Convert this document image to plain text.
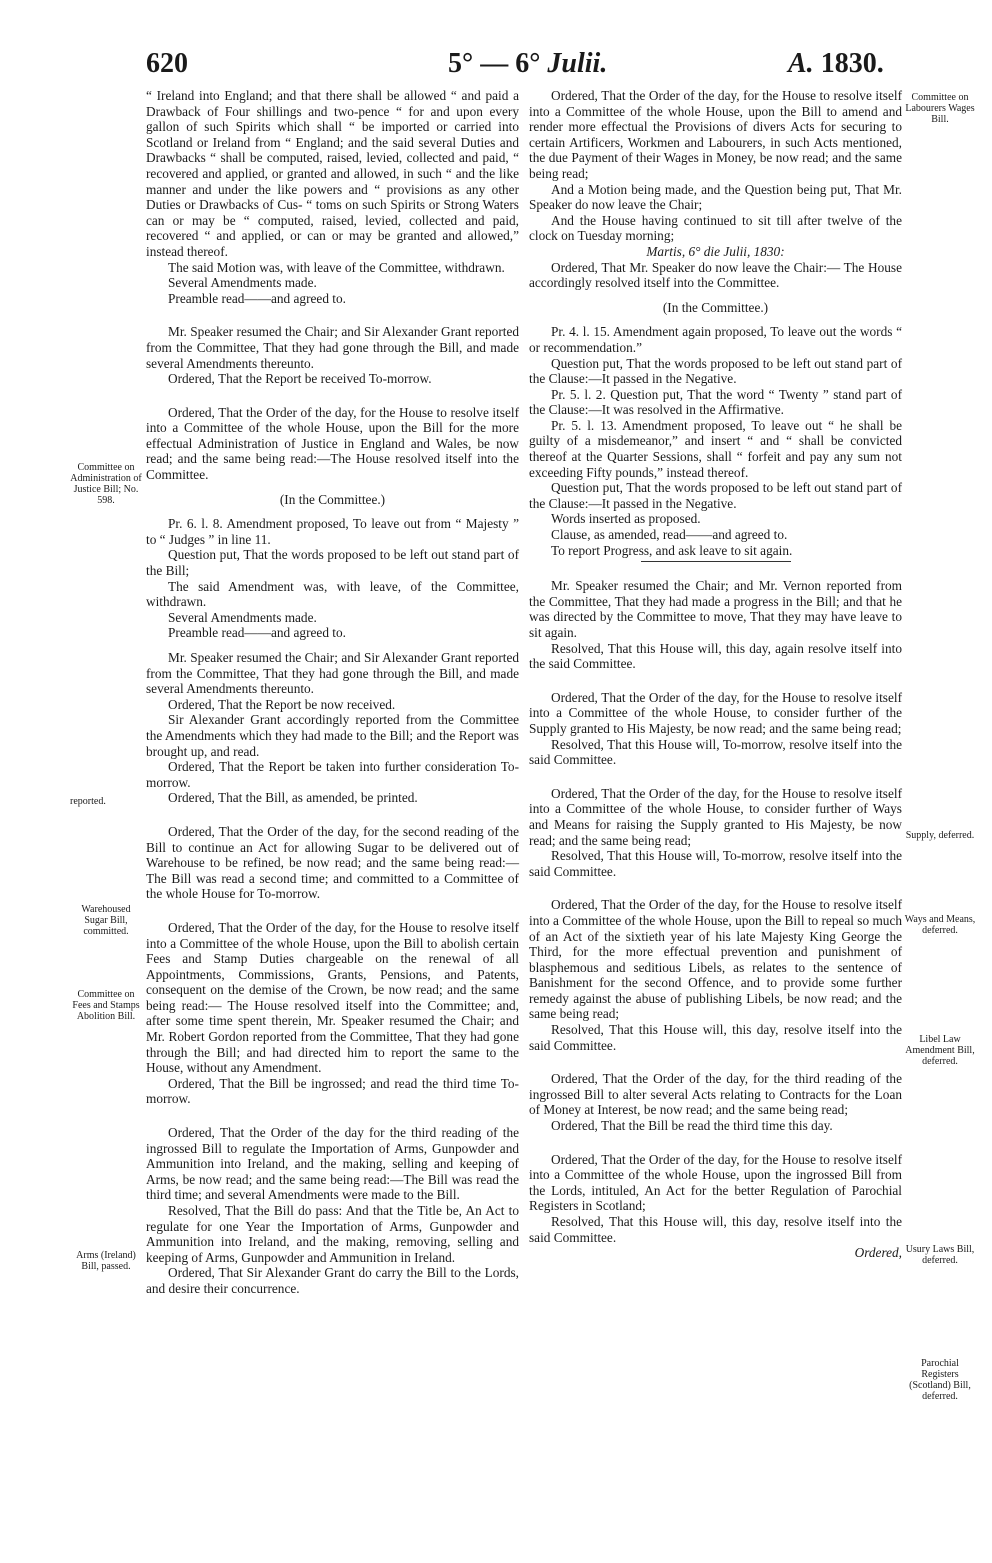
620	5° — 6° Julii.	A. 1830.
Committee on Administration of Justice Bill; No. 598.
reported.
Warehoused Sugar Bill, committed.
Committee on Fees and Stamps Abolition Bill.
Arms (Ireland) Bill, passed.
Committee on Labourers Wages Bill.
Supply, deferred.
Ways and Means, deferred.
Libel Law Amendment Bill, deferred.
Usury Laws Bill, deferred.
Parochial Registers (Scotland) Bill, deferred.

“ Ireland into England; and that there shall be allowed “ and paid a Drawback of Four shillings and two-pence “ for and upon every gallon of such Spirits which shall “ be imported or carried into Scotland or Ireland from “ England; and the said several Duties and Drawbacks “ shall be computed, raised, levied, collected and paid, “ recovered and applied, or granted and allowed, in such “ and the like manner and under the like powers and “ provisions as any other Duties or Drawbacks of Cus- “ toms on such Spirits or Strong Waters can or may be “ computed, raised, levied, collected and paid, recovered “ and applied, or can or may be granted and allowed,” instead thereof.

The said Motion was, with leave of the Committee, withdrawn.

Several Amendments made.

Preamble read——and agreed to.

Mr. Speaker resumed the Chair; and Sir Alexander Grant reported from the Committee, That they had gone through the Bill, and made several Amendments thereunto.

Ordered, That the Report be received To-morrow.

Ordered, That the Order of the day, for the House to resolve itself into a Committee of the whole House, upon the Bill for the more effectual Administration of Justice in England and Wales, be now read; and the same being read:—The House resolved itself into the Committee.

(In the Committee.)

Pr. 6. l. 8. Amendment proposed, To leave out from “ Majesty ” to “ Judges ” in line 11.

Question put, That the words proposed to be left out stand part of the Bill;

The said Amendment was, with leave, of the Committee, withdrawn.

Several Amendments made.

Preamble read——and agreed to.

Mr. Speaker resumed the Chair; and Sir Alexander Grant reported from the Committee, That they had gone through the Bill, and made several Amendments thereunto.

Ordered, That the Report be now received.

Sir Alexander Grant accordingly reported from the Committee the Amendments which they had made to the Bill; and the Report was brought up, and read.

Ordered, That the Report be taken into further consideration To-morrow.

Ordered, That the Bill, as amended, be printed.

Ordered, That the Order of the day, for the second reading of the Bill to continue an Act for allowing Sugar to be delivered out of Warehouse to be refined, be now read; and the same being read:—The Bill was read a second time; and committed to a Committee of the whole House for To-morrow.

Ordered, That the Order of the day, for the House to resolve itself into a Committee of the whole House, upon the Bill to abolish certain Fees and Stamp Duties chargeable on the renewal of all Appointments, Commissions, Grants, Pensions, and Patents, consequent on the demise of the Crown, be now read; and the same being read:— The House resolved itself into the Committee; and, after some time spent therein, Mr. Speaker resumed the Chair; and Mr. Robert Gordon reported from the Committee, That they had gone through the Bill; and had directed him to report the same to the House, without any Amendment.

Ordered, That the Bill be ingrossed; and read the third time To-morrow.

Ordered, That the Order of the day for the third reading of the ingrossed Bill to regulate the Importation of Arms, Gunpowder and Ammunition into Ireland, and the making, selling and keeping of Arms, be now read; and the same being read:—The Bill was read the third time; and several Amendments were made to the Bill.

Resolved, That the Bill do pass: And that the Title be, An Act to regulate for one Year the Importation of Arms, Gunpowder and Ammunition into Ireland, and the making, removing, selling and keeping of Arms, Gunpowder and Ammunition in Ireland.

Ordered, That Sir Alexander Grant do carry the Bill to the Lords, and desire their concurrence.

Ordered, That the Order of the day, for the House to resolve itself into a Committee of the whole House, upon the Bill to amend and render more effectual the Provisions of divers Acts for securing to certain Artificers, Workmen and Labourers, in such Acts mentioned, the due Payment of their Wages in Money, be now read; and the same being read;

And a Motion being made, and the Question being put, That Mr. Speaker do now leave the Chair;

And the House having continued to sit till after twelve of the clock on Tuesday morning;

Martis, 6° die Julii, 1830:

Ordered, That Mr. Speaker do now leave the Chair:— The House accordingly resolved itself into the Committee.

(In the Committee.)

Pr. 4. l. 15. Amendment again proposed, To leave out the words “ or recommendation.”

Question put, That the words proposed to be left out stand part of the Clause:—It passed in the Negative.

Pr. 5. l. 2. Question put, That the word “ Twenty ” stand part of the Clause:—It was resolved in the Affirmative.

Pr. 5. l. 13. Amendment proposed, To leave out “ he shall be guilty of a misdemeanor,” and insert “ and “ shall be convicted thereof at the Quarter Sessions, shall “ forfeit and pay any sum not exceeding Fifty pounds,” instead thereof.

Question put, That the words proposed to be left out stand part of the Clause:—It passed in the Negative.

Words inserted as proposed.

Clause, as amended, read——and agreed to.

To report Progress, and ask leave to sit again.

Mr. Speaker resumed the Chair; and Mr. Vernon reported from the Committee, That they had made a progress in the Bill; and that he was directed by the Committee to move, That they may have leave to sit again.

Resolved, That this House will, this day, again resolve itself into the said Committee.

Ordered, That the Order of the day, for the House to resolve itself into a Committee of the whole House, to consider further of the Supply granted to His Majesty, be now read; and the same being read;

Resolved, That this House will, To-morrow, resolve itself into the said Committee.

Ordered, That the Order of the day, for the House to resolve itself into a Committee of the whole House, to consider further of Ways and Means for raising the Supply granted to His Majesty, be now read; and the same being read;

Resolved, That this House will, To-morrow, resolve itself into the said Committee.

Ordered, That the Order of the day, for the House to resolve itself into a Committee of the whole House, upon the Bill to repeal so much of an Act of the sixtieth year of his late Majesty King George the Third, for the more effectual prevention and punishment of blasphemous and seditious Libels, as relates to the sentence of Banishment for the second Offence, and to provide some further remedy against the abuse of publishing Libels, be now read; and the same being read;

Resolved, That this House will, this day, resolve itself into the said Committee.

Ordered, That the Order of the day, for the third reading of the ingrossed Bill to alter several Acts relating to Contracts for the Loan of Money at Interest, be now read; and the same being read;

Ordered, That the Bill be read the third time this day.

Ordered, That the Order of the day, for the House to resolve itself into a Committee of the whole House, upon the ingrossed Bill from the Lords, intituled, An Act for the better Regulation of Parochial Registers in Scotland;

Resolved, That this House will, this day, resolve itself into the said Committee.

Ordered,
